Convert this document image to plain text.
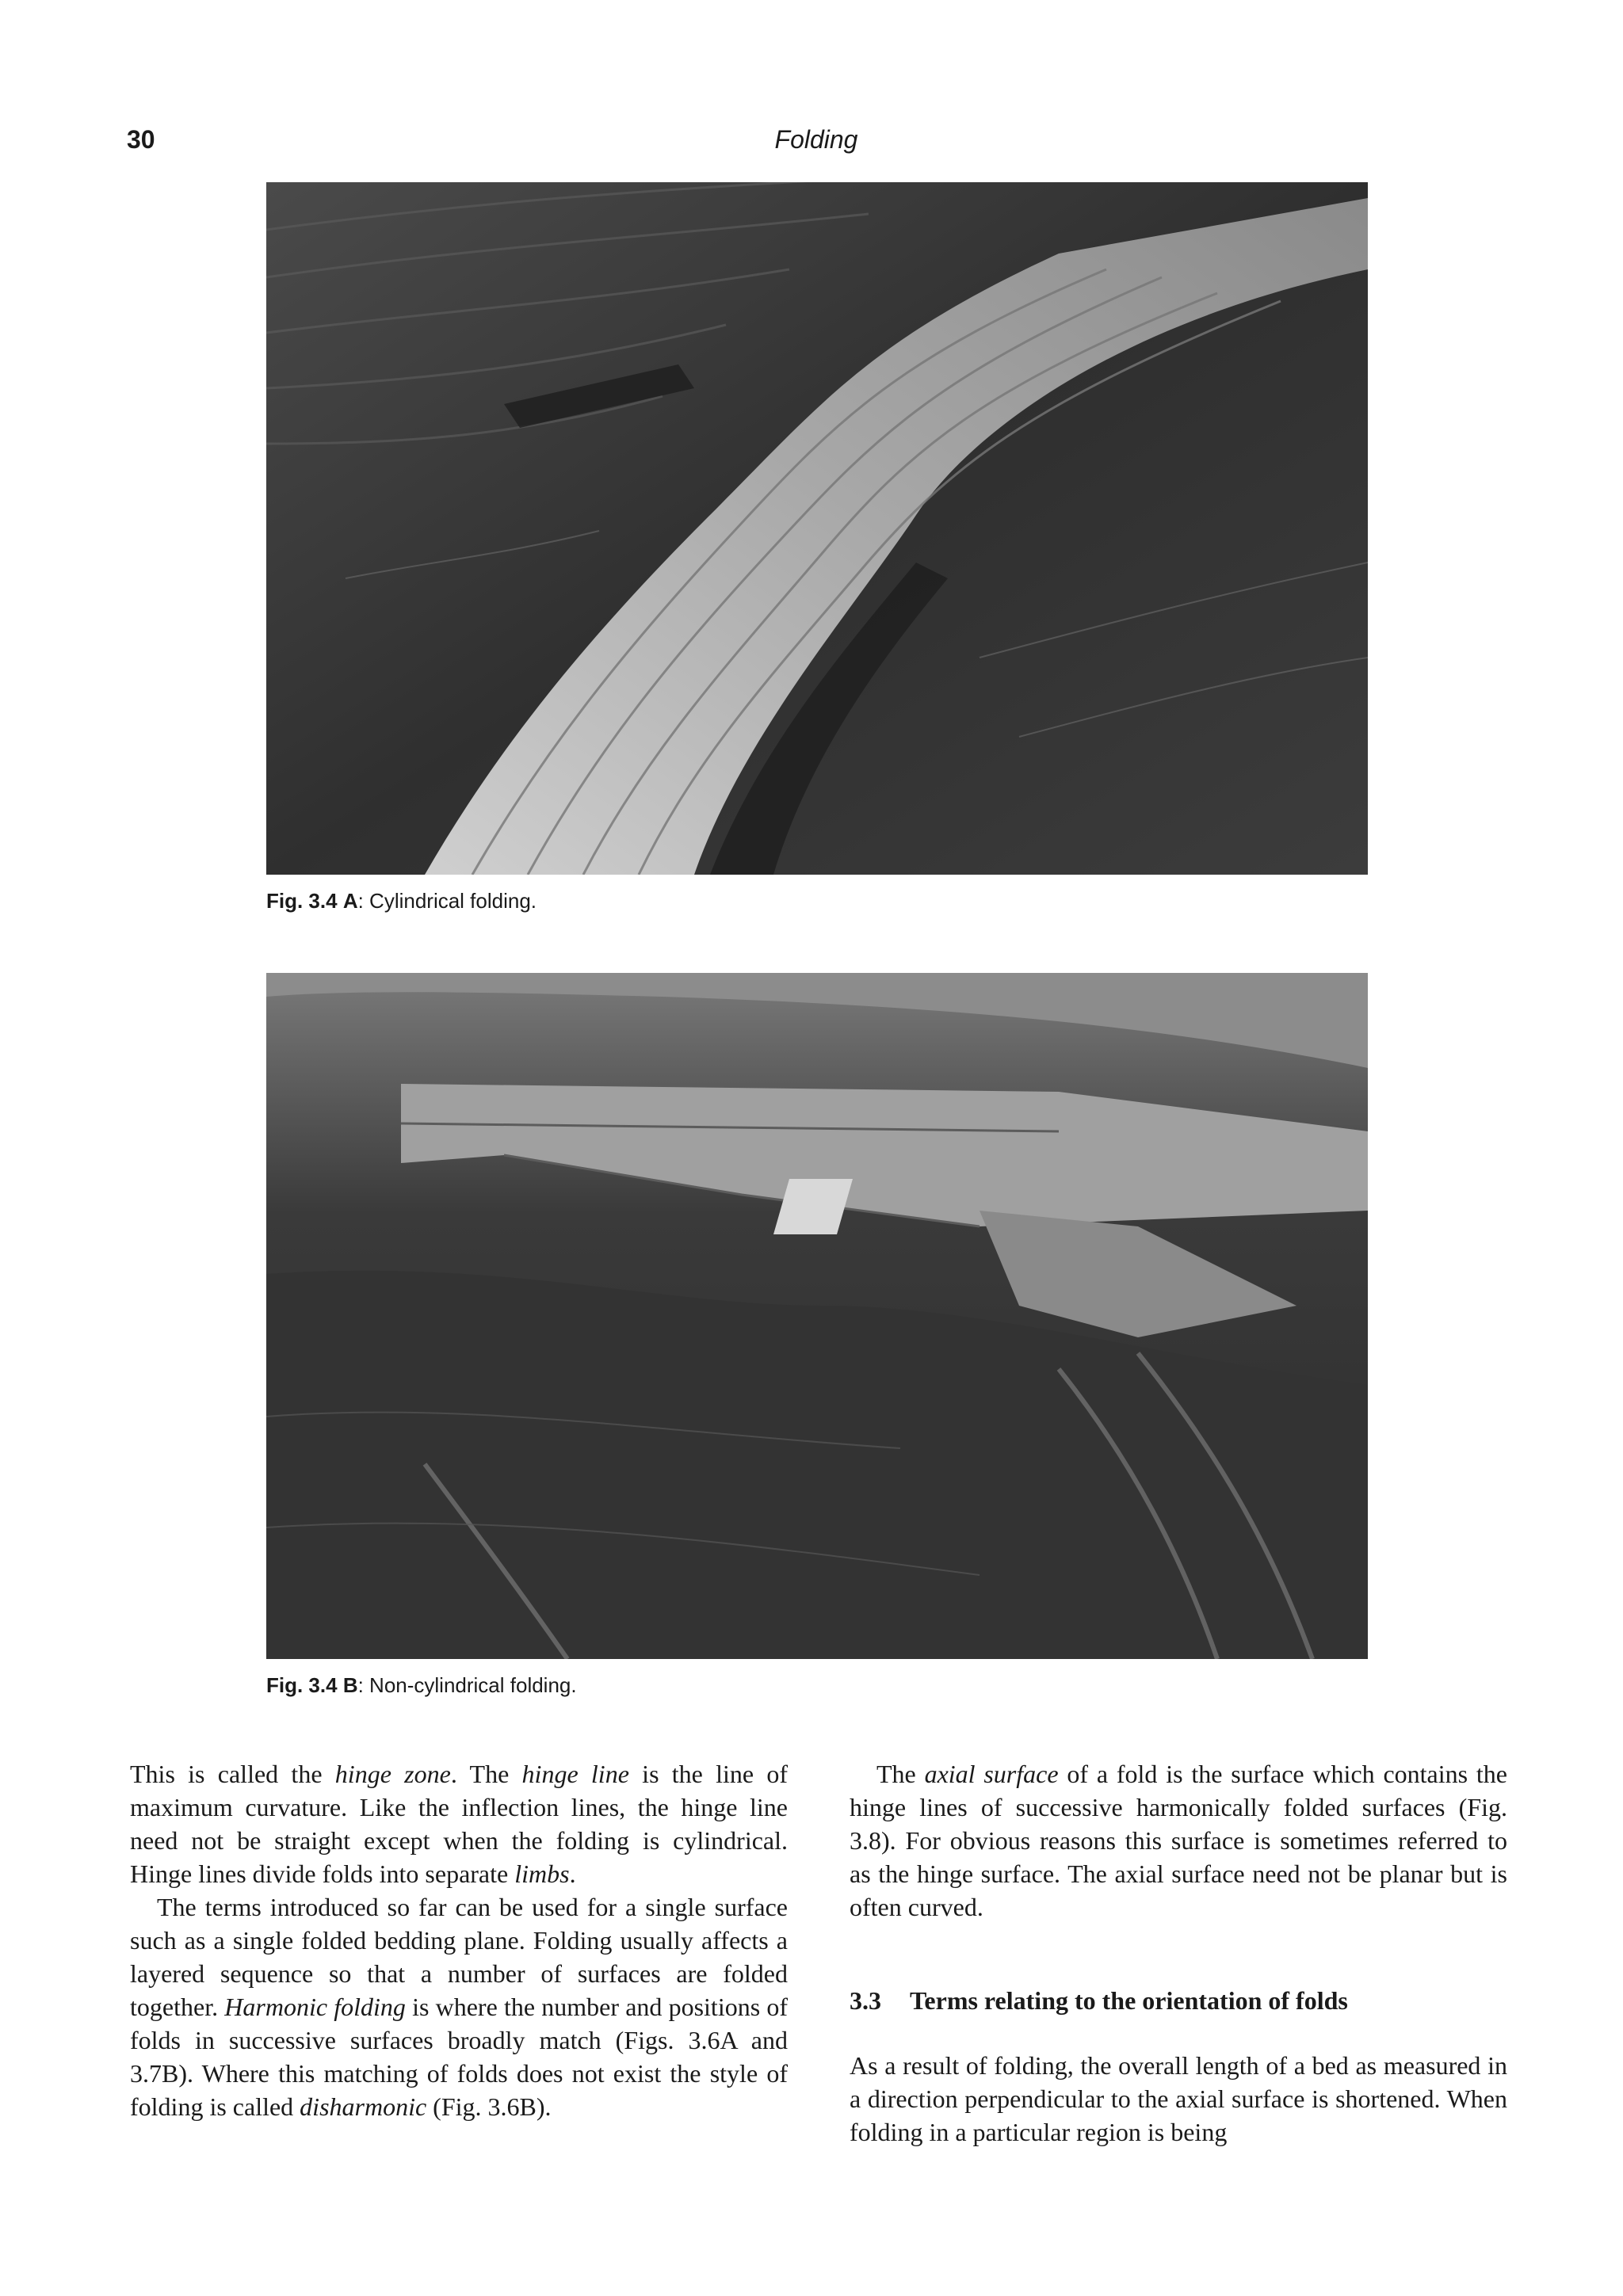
30	Folding
Fig. 3.4 A: Cylindrical folding.
Fig. 3.4 B: Non-cylindrical folding.

This is called the hinge zone. The hinge line is the line of maximum curvature. Like the inflection lines, the hinge line need not be straight except when the folding is cylindrical. Hinge lines divide folds into separate limbs.

The terms introduced so far can be used for a single surface such as a single folded bedding plane. Folding usually affects a layered sequence so that a number of surfaces are folded together. Harmonic folding is where the number and positions of folds in successive surfaces broadly match (Figs. 3.6A and 3.7B). Where this matching of folds does not exist the style of folding is called disharmonic (Fig. 3.6B).

The axial surface of a fold is the surface which contains the hinge lines of successive harmonically folded surfaces (Fig. 3.8). For obvious reasons this surface is sometimes referred to as the hinge surface. The axial surface need not be planar but is often curved.

3.3 Terms relating to the orientation of folds

As a result of folding, the overall length of a bed as measured in a direction perpendicular to the axial surface is shortened. When folding in a particular region is being
